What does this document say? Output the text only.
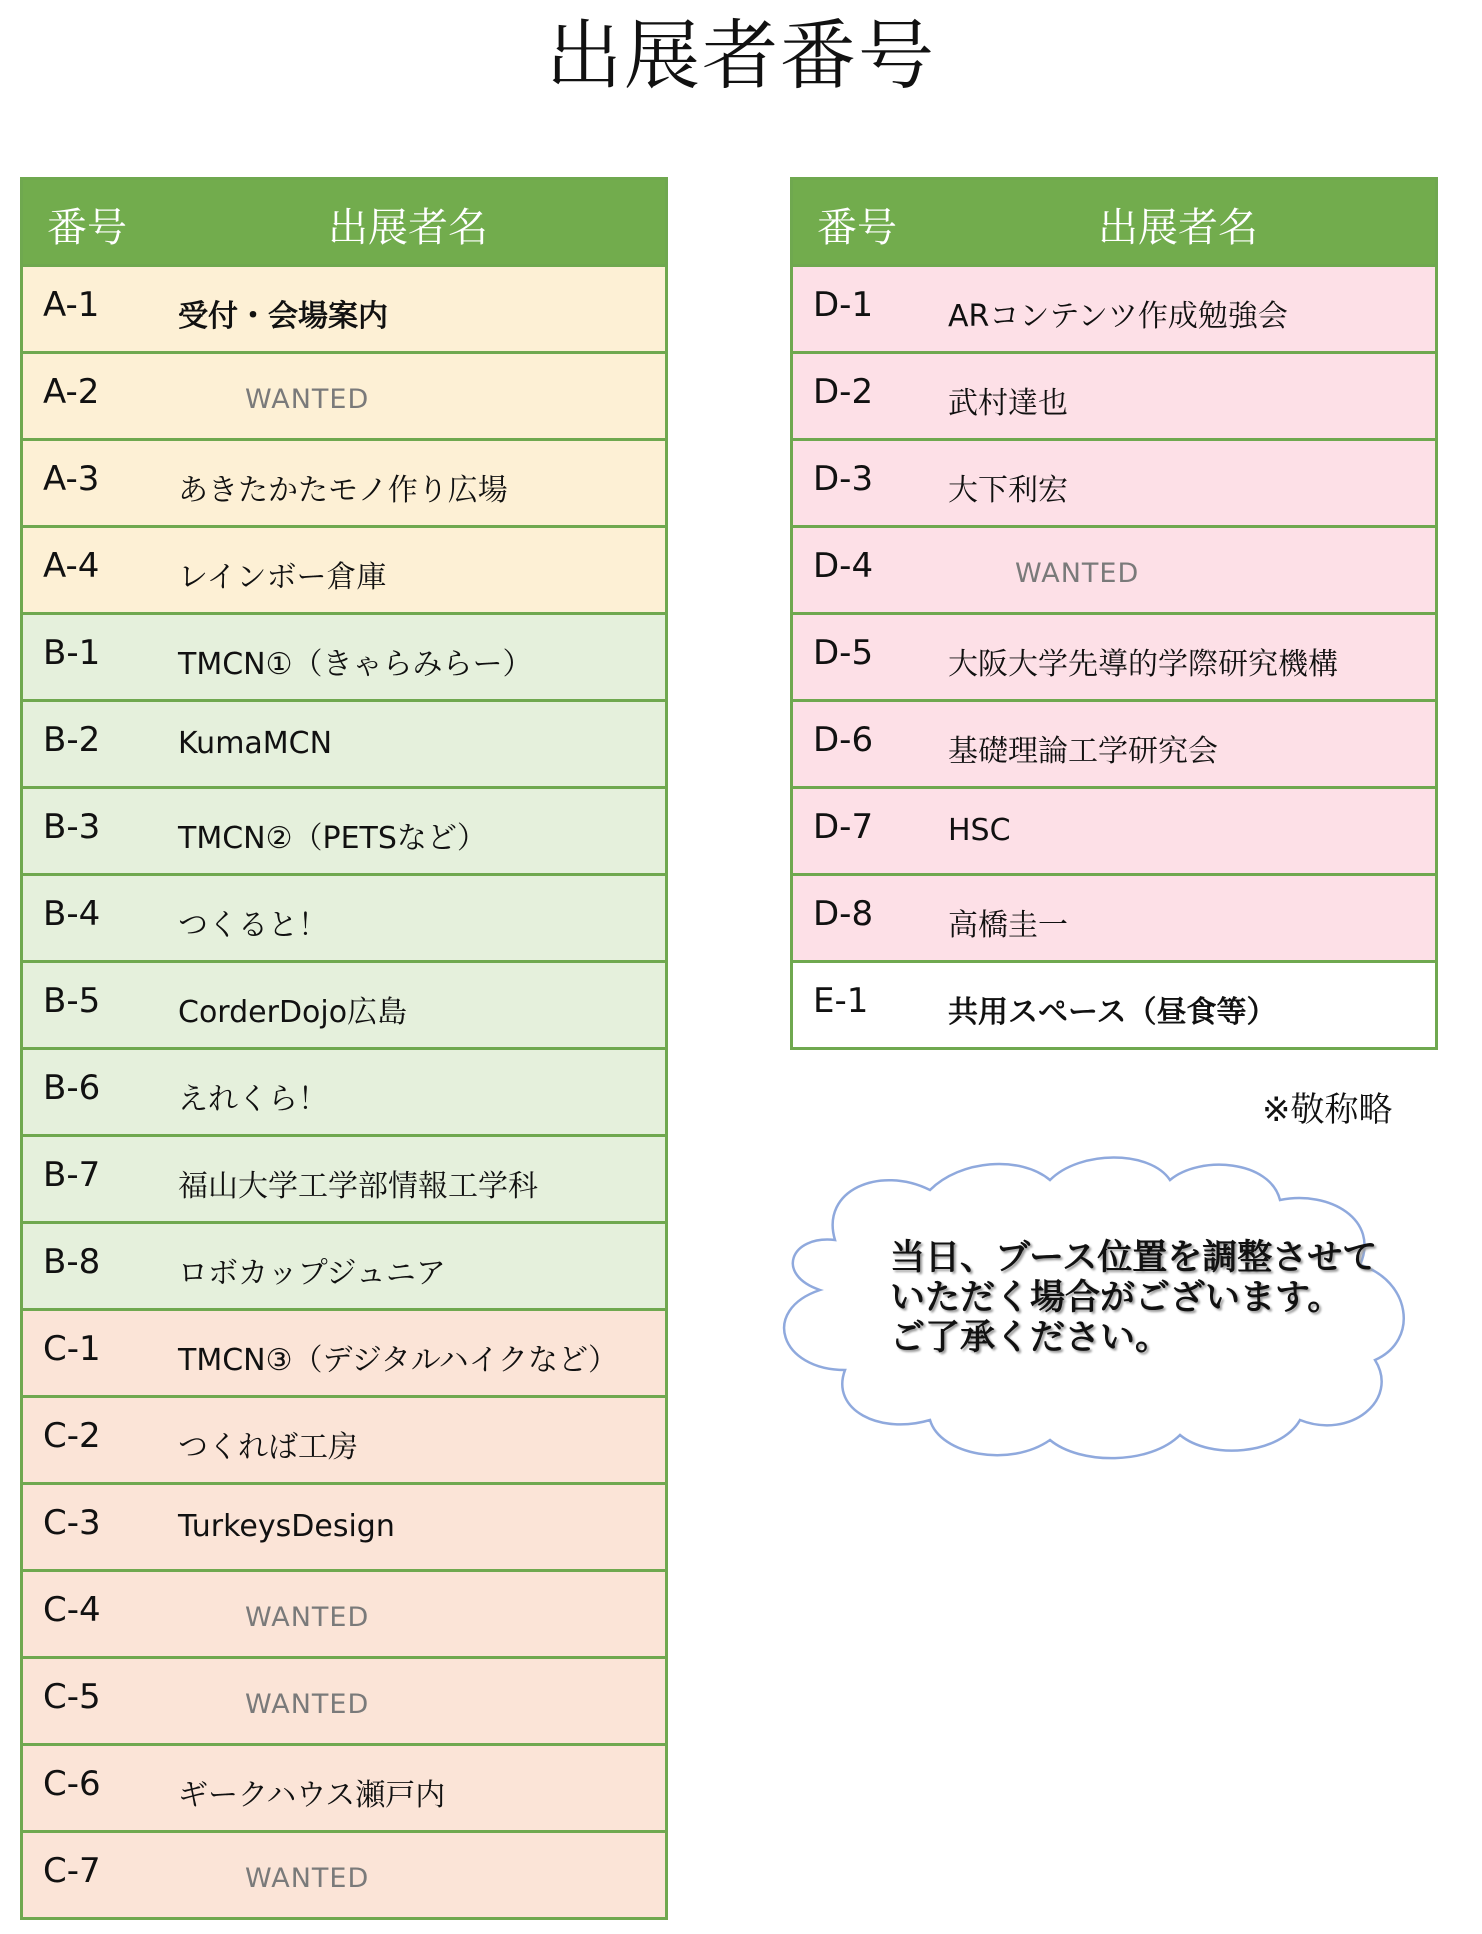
出展者番号
番号	出展者名
A-1	受付・会場案内
A-2	WANTED
A-3	あきたかたモノ作り広場
A-4	レインボー倉庫
B-1	TMCN①（きゃらみらー）
B-2	KumaMCN
B-3	TMCN②（PETSなど）
B-4	つくると！
B-5	CorderDojo広島
B-6	えれくら！
B-7	福山大学工学部情報工学科
B-8	ロボカップジュニア
C-1	TMCN③（デジタルハイクなど）
C-2	つくれば工房
C-3	TurkeysDesign
C-4	WANTED
C-5	WANTED
C-6	ギークハウス瀬戸内
C-7	WANTED
番号	出展者名
D-1 ARコンテンツ作成勉強会
D-2 武村達也
D-3 大下利宏
D-4	WANTED
D-5 大阪大学先導的学際研究機構
D-6 基礎理論工学研究会
D-7 HSC
D-8 高橋圭一
E-1	共用スペース（昼食等）
※敬称略
当日、ブース位置を調整させて
いただく場合がございます。
ご了承ください。
